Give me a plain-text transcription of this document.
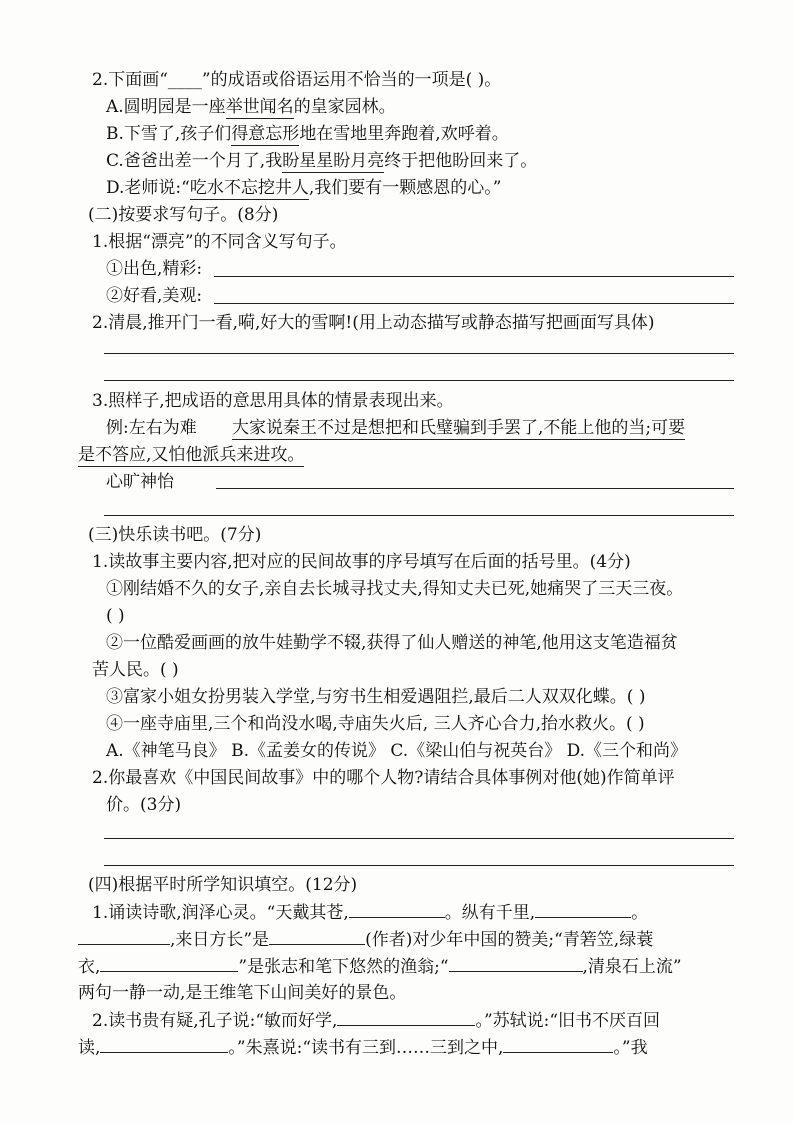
2.下面画“____”的成语或俗语运用不恰当的一项是( )。
A.圆明园是一座举世闻名的皇家园林。
B.下雪了,孩子们得意忘形地在雪地里奔跑着,欢呼着。
C.爸爸出差一个月了,我盼星星盼月亮终于把他盼回来了。
D.老师说:“吃水不忘挖井人,我们要有一颗感恩的心。”
(二)按要求写句子。(8分)
1.根据“漂亮”的不同含义写句子。
①出色,精彩:
②好看,美观:
2.清晨,推开门一看,嗬,好大的雪啊!(用上动态描写或静态描写把画面写具体)
3.照样子,把成语的意思用具体的情景表现出来。
例:左右为难 大家说秦王不过是想把和氏璧骗到手罢了,不能上他的当;可要
是不答应,又怕他派兵来进攻。
心旷神怡
(三)快乐读书吧。(7分)
1.读故事主要内容,把对应的民间故事的序号填写在后面的括号里。(4分)
①刚结婚不久的女子,亲自去长城寻找丈夫,得知丈夫已死,她痛哭了三天三夜。
( )
②一位酷爱画画的放牛娃勤学不辍,获得了仙人赠送的神笔,他用这支笔造福贫
苦人民。( )
③富家小姐女扮男装入学堂,与穷书生相爱遇阻拦,最后二人双双化蝶。( )
④一座寺庙里,三个和尚没水喝,寺庙失火后, 三人齐心合力,抬水救火。( )
A.《神笔马良》 B.《孟姜女的传说》 C.《梁山伯与祝英台》 D.《三个和尚》
2.你最喜欢《中国民间故事》中的哪个人物?请结合具体事例对他(她)作简单评
价。(3分)
(四)根据平时所学知识填空。(12分)
1.诵读诗歌,润泽心灵。“天戴其苍,	。纵有千里,	。
,来日方长”是	(作者)对少年中国的赞美;“青箬笠,绿蓑
衣,	”是张志和笔下悠然的渔翁;“	,清泉石上流”
两句一静一动,是王维笔下山间美好的景色。
2.读书贵有疑,孔子说:“敏而好学,	。”苏轼说:“旧书不厌百回
读,	。”朱熹说:“读书有三到……三到之中,	。”我
